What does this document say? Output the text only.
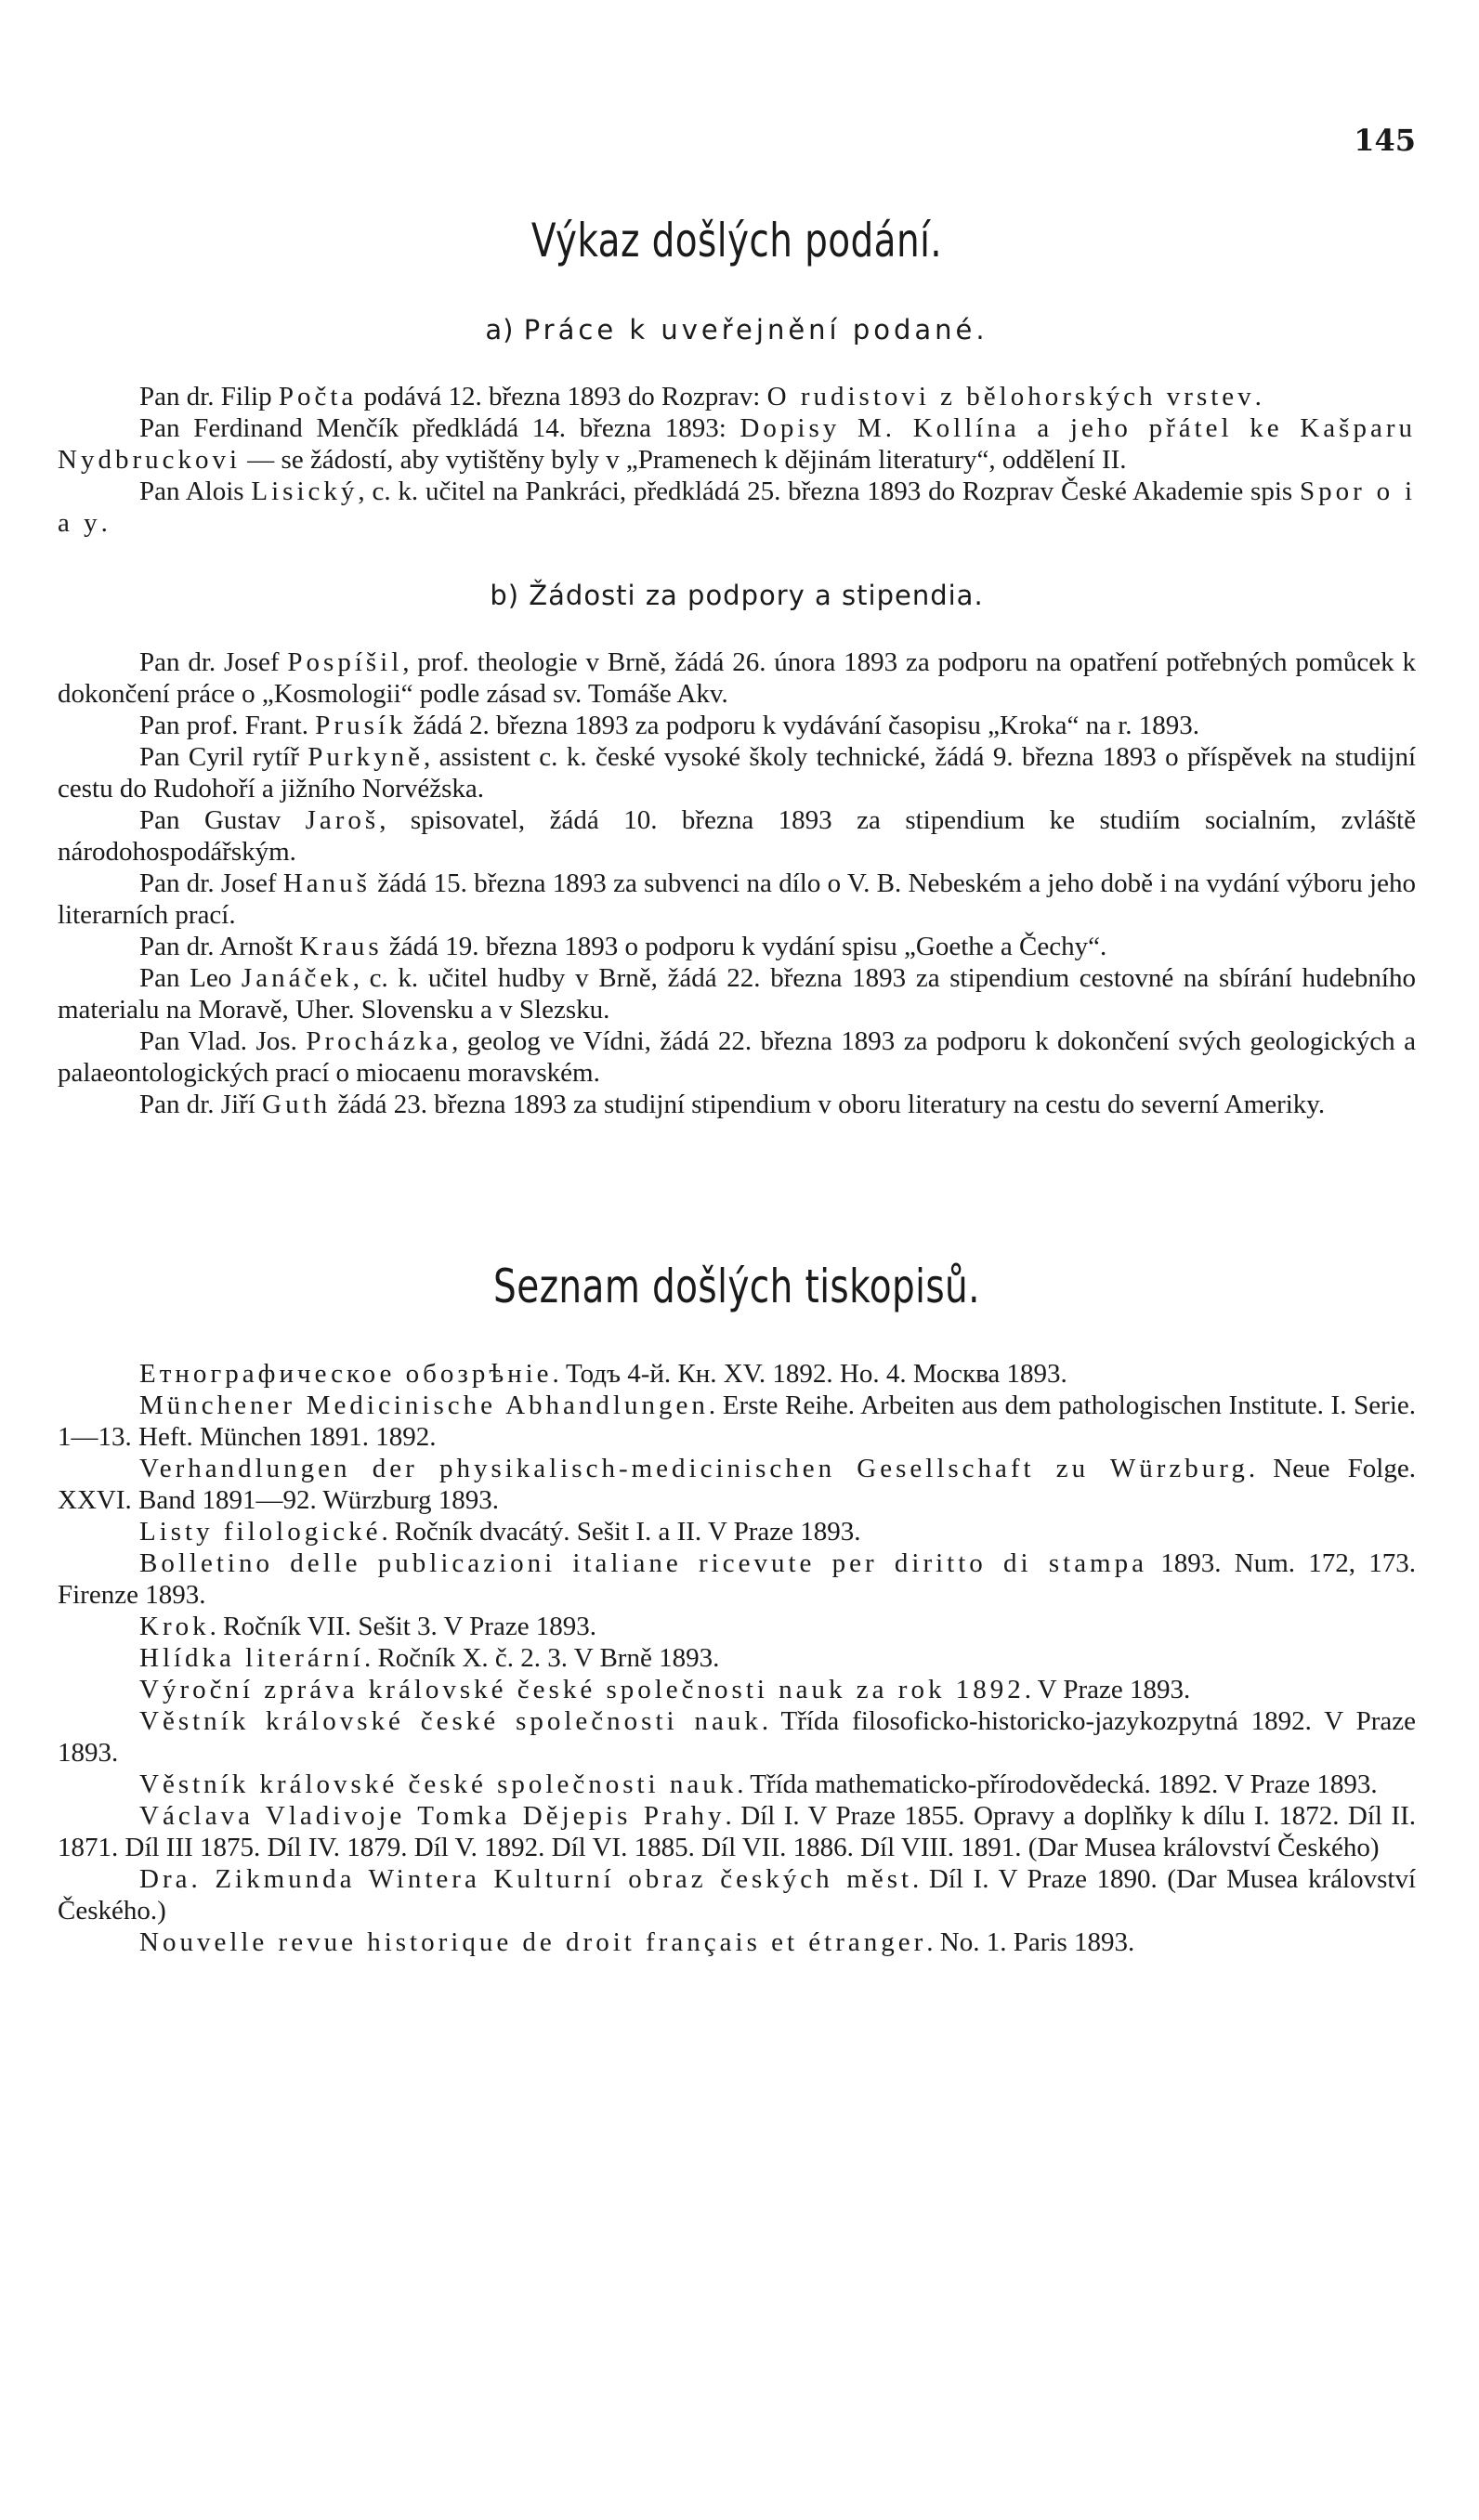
145
Výkaz došlých podání.
a) Práce k uveřejnění podané.

Pan dr. Filip Počta podává 12. března 1893 do Rozprav: O rudistovi z bělohorských vrstev.

Pan Ferdinand Menčík předkládá 14. března 1893: Dopisy M. Kollína a jeho přátel ke Kašparu Nydbruckovi — se žádostí, aby vytištěny byly v „Pramenech k dějinám literatury“, oddělení II.

Pan Alois Lisický, c. k. učitel na Pankráci, předkládá 25. března 1893 do Rozprav České Akademie spis Spor o i a y.

b) Žádosti za podpory a stipendia.

Pan dr. Josef Pospíšil, prof. theologie v Brně, žádá 26. února 1893 za podporu na opatření potřebných pomůcek k dokončení práce o „Kosmologii“ podle zásad sv. Tomáše Akv.

Pan prof. Frant. Prusík žádá 2. března 1893 za podporu k vydávání časopisu „Kroka“ na r. 1893.

Pan Cyril rytíř Purkyně, assistent c. k. české vysoké školy technické, žádá 9. března 1893 o příspěvek na studijní cestu do Rudohoří a jižního Norvéžska.

Pan Gustav Jaroš, spisovatel, žádá 10. března 1893 za stipendium ke studiím socialním, zvláště národohospodářským.

Pan dr. Josef Hanuš žádá 15. března 1893 za subvenci na dílo o V. B. Nebeském a jeho době i na vydání výboru jeho literarních prací.

Pan dr. Arnošt Kraus žádá 19. března 1893 o podporu k vydání spisu „Goethe a Čechy“.

Pan Leo Janáček, c. k. učitel hudby v Brně, žádá 22. března 1893 za stipendium cestovné na sbírání hudebního materialu na Moravě, Uher. Slovensku a v Slezsku.

Pan Vlad. Jos. Procházka, geolog ve Vídni, žádá 22. března 1893 za podporu k dokončení svých geologických a palaeontologických prací o miocaenu moravském.

Pan dr. Jiří Guth žádá 23. března 1893 za studijní stipendium v oboru literatury na cestu do severní Ameriky.

Seznam došlých tiskopisů.

Етнографическое обозрѣніе. Тодъ 4-й. Кн. XV. 1892. Но. 4. Москва 1893.

Münchener Medicinische Abhandlungen. Erste Reihe. Arbeiten aus dem pathologischen Institute. I. Serie. 1—13. Heft. München 1891. 1892.

Verhandlungen der physikalisch-medicinischen Gesellschaft zu Würzburg. Neue Folge. XXVI. Band 1891—92. Würzburg 1893.

Listy filologické. Ročník dvacátý. Sešit I. a II. V Praze 1893.

Bolletino delle publicazioni italiane ricevute per diritto di stampa 1893. Num. 172, 173. Firenze 1893.

Krok. Ročník VII. Sešit 3. V Praze 1893.

Hlídka literární. Ročník X. č. 2. 3. V Brně 1893.

Výroční zpráva královské české společnosti nauk za rok 1892. V Praze 1893.

Věstník královské české společnosti nauk. Třída filosoficko-historicko-jazykozpytná 1892. V Praze 1893.

Věstník královské české společnosti nauk. Třída mathematicko-přírodovědecká. 1892. V Praze 1893.

Václava Vladivoje Tomka Dějepis Prahy. Díl I. V Praze 1855. Opravy a doplňky k dílu I. 1872. Díl II. 1871. Díl III 1875. Díl IV. 1879. Díl V. 1892. Díl VI. 1885. Díl VII. 1886. Díl VIII. 1891. (Dar Musea království Českého)

Dra. Zikmunda Wintera Kulturní obraz českých měst. Díl I. V Praze 1890. (Dar Musea království Českého.)

Nouvelle revue historique de droit français et étranger. No. 1. Paris 1893.
